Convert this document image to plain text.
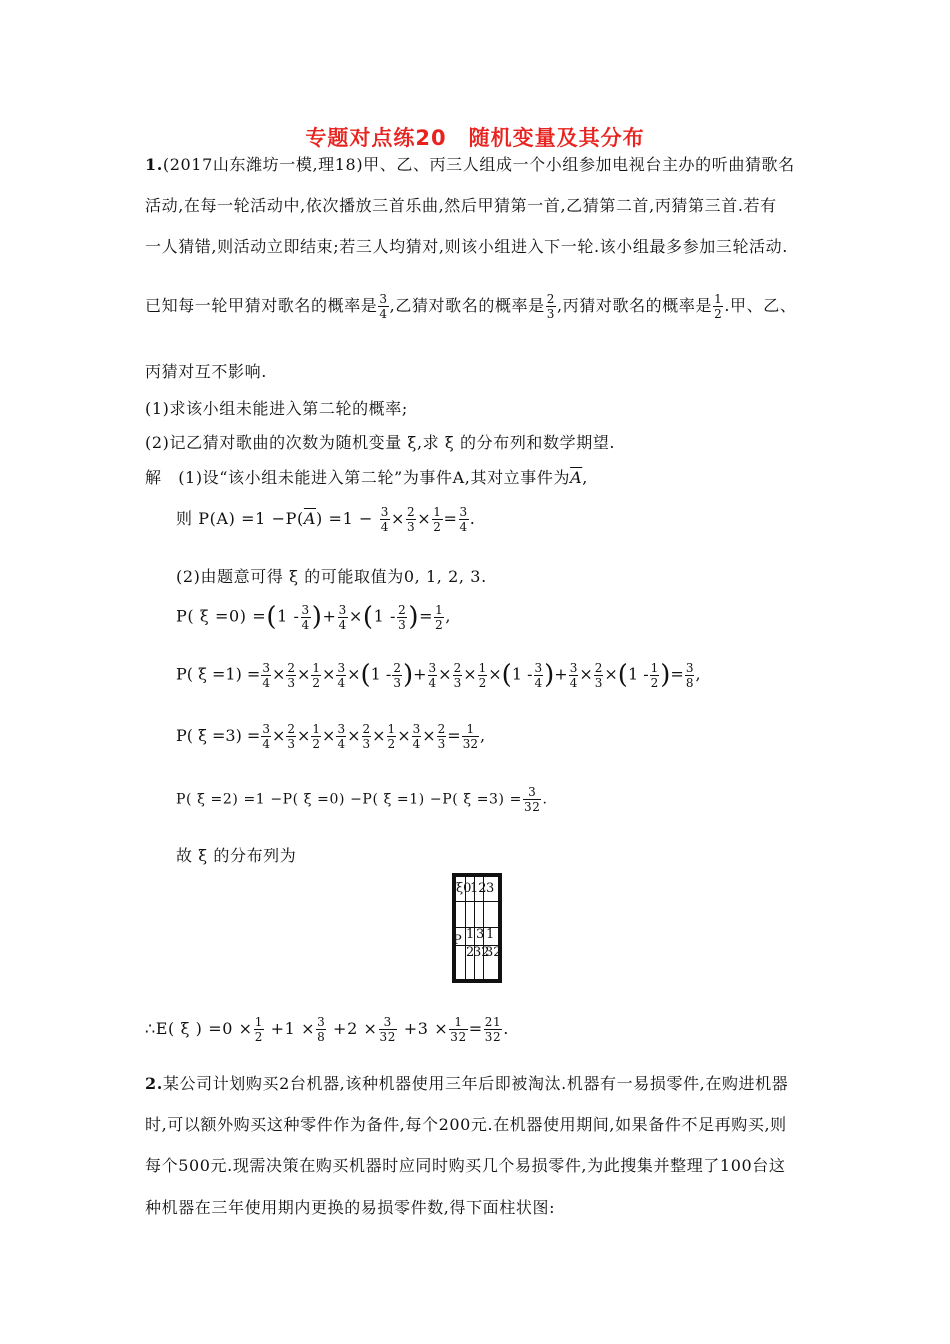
专题对点练20　随机变量及其分布
1.(2017山东潍坊一模,理18)甲、乙、丙三人组成一个小组参加电视台主办的听曲猜歌名
活动,在每一轮活动中,依次播放三首乐曲,然后甲猜第一首,乙猜第二首,丙猜第三首.若有
一人猜错,则活动立即结束;若三人均猜对,则该小组进入下一轮.该小组最多参加三轮活动.
已知每一轮甲猜对歌名的概率是 $\frac{3}{4}$ ,乙猜对歌名的概率是 $\frac{2}{3}$ ,丙猜对歌名的概率是 $\frac{1}{2}$ .甲、乙、
丙猜对互不影响.
(1)求该小组未能进入第二轮的概率;
(2)记乙猜对歌曲的次数为随机变量 ξ,求 ξ 的分布列和数学期望.
解　(1)设“该小组未能进入第二轮”为事件A,其对立事件为$\overline{A}$,
则 $P(A) =1 -P(\overline{A}) =1 - \frac{3}{4} \times \frac{2}{3} \times \frac{1}{2} = \frac{3}{4}$ .
(2)由题意可得 ξ 的可能取值为0, 1, 2, 3.
P( $\xi =0) =(1 - \frac{3}{4}$ )+ $\frac{3}{4} \times(1 - \frac{2}{3}$ )= $\frac{1}{2}$ ,
P( $\xi =1) = \frac{3}{4} \times \frac{2}{3} \times \frac{1}{2} \times \frac{3}{4} \times(1 - \frac{2}{3}$ )+ $\frac{3}{4} \times \frac{2}{3} \times \frac{1}{2} \times(1 - \frac{3}{4}$ )+ $\frac{3}{4} \times \frac{2}{3} \times(1 - \frac{1}{2}$ )= $\frac{3}{8}$ ,
P( $\xi =3) = \frac{3}{4} \times \frac{2}{3} \times \frac{1}{2} \times \frac{3}{4} \times \frac{2}{3} \times \frac{1}{2} \times \frac{3}{4} \times \frac{2}{3} = \frac{1}{32}$ ,
P( ξ =2) =1 −P( ξ =0) −P( ξ =1) −P( $\xi =3) = \frac{3}{32}$ .
故 ξ 的分布列为
ξ0
12 3
P 1 3 1
2
32
32
∴E( ξ ) $=0 \times \frac{1}{2} +1 \times \frac{3}{8} +2 \times \frac{3}{32} +3 \times \frac{1}{32} = \frac{21}{32}$ .
2.某公司计划购买2台机器,该种机器使用三年后即被淘汰.机器有一易损零件,在购进机器
时,可以额外购买这种零件作为备件,每个200元.在机器使用期间,如果备件不足再购买,则
每个500元.现需决策在购买机器时应同时购买几个易损零件,为此搜集并整理了100台这
种机器在三年使用期内更换的易损零件数,得下面柱状图:
